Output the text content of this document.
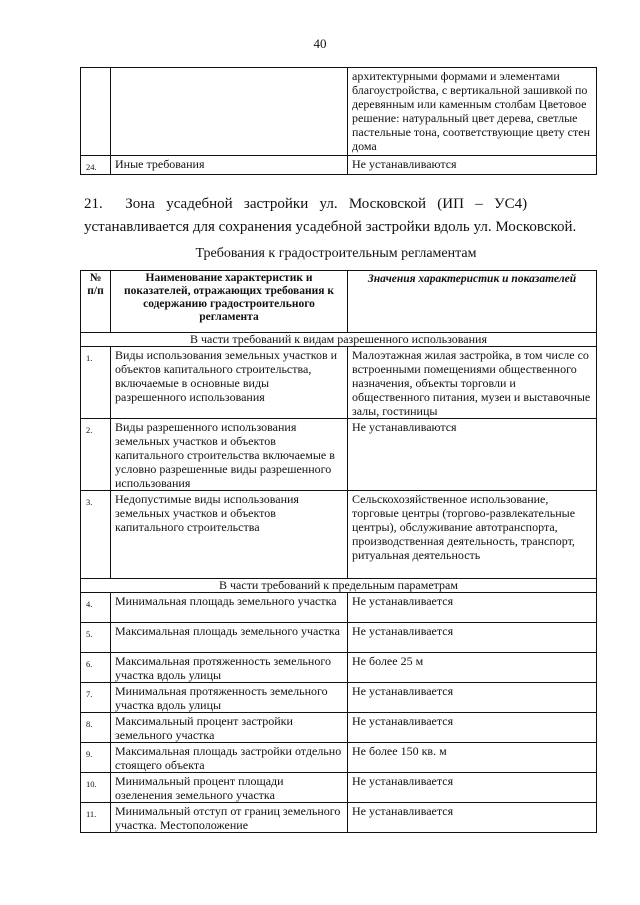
40
		архитектурными формами и элементами благоустройства, с вертикальной зашивкой по деревянным или каменным столбам Цветовое решение: натуральный цвет дерева, светлые пастельные тона, соответствующие цвету стен дома
24.	Иные требования	Не устанавливаются
21.      Зона   усадебной   застройки   ул.   Московской   (ИП   –   УС4)
устанавливается для сохранения усадебной застройки вдоль ул. Московской.
Требования к градостроительным регламентам
№ п/п	Наименование характеристик и показателей, отражающих требования к содержанию градостроительного регламента	Значения характеристик и показателей
В части требований к видам разрешенного использования		
1.	Виды использования земельных участков и объектов капитального строительства, включаемые в основные виды разрешенного использования	Малоэтажная жилая застройка, в том числе со встроенными помещениями общественного назначения, объекты торговли и общественного питания, музеи и выставочные залы, гостиницы
2.	Виды разрешенного использования земельных участков и объектов капитального строительства включаемые в условно разрешенные виды разрешенного использования	Не устанавливаются
3.	Недопустимые виды использования земельных участков и объектов капитального строительства	Сельскохозяйственное использование, торговые центры (торгово-развлекательные центры), обслуживание автотранспорта, производственная деятельность, транспорт, ритуальная деятельность
В части требований к предельным параметрам		
4.	Минимальная площадь земельного участка	Не устанавливается
5.	Максимальная площадь земельного участка	Не устанавливается
6.	Максимальная протяженность земельного участка вдоль улицы	Не более 25 м
7.	Минимальная протяженность земельного участка вдоль улицы	Не устанавливается
8.	Максимальный процент застройки земельного участка	Не устанавливается
9.	Максимальная площадь застройки отдельно стоящего объекта	Не более 150 кв. м
10.	Минимальный процент площади озеленения земельного участка	Не устанавливается
11.	Минимальный отступ от границ земельного участка. Местоположение	Не устанавливается
